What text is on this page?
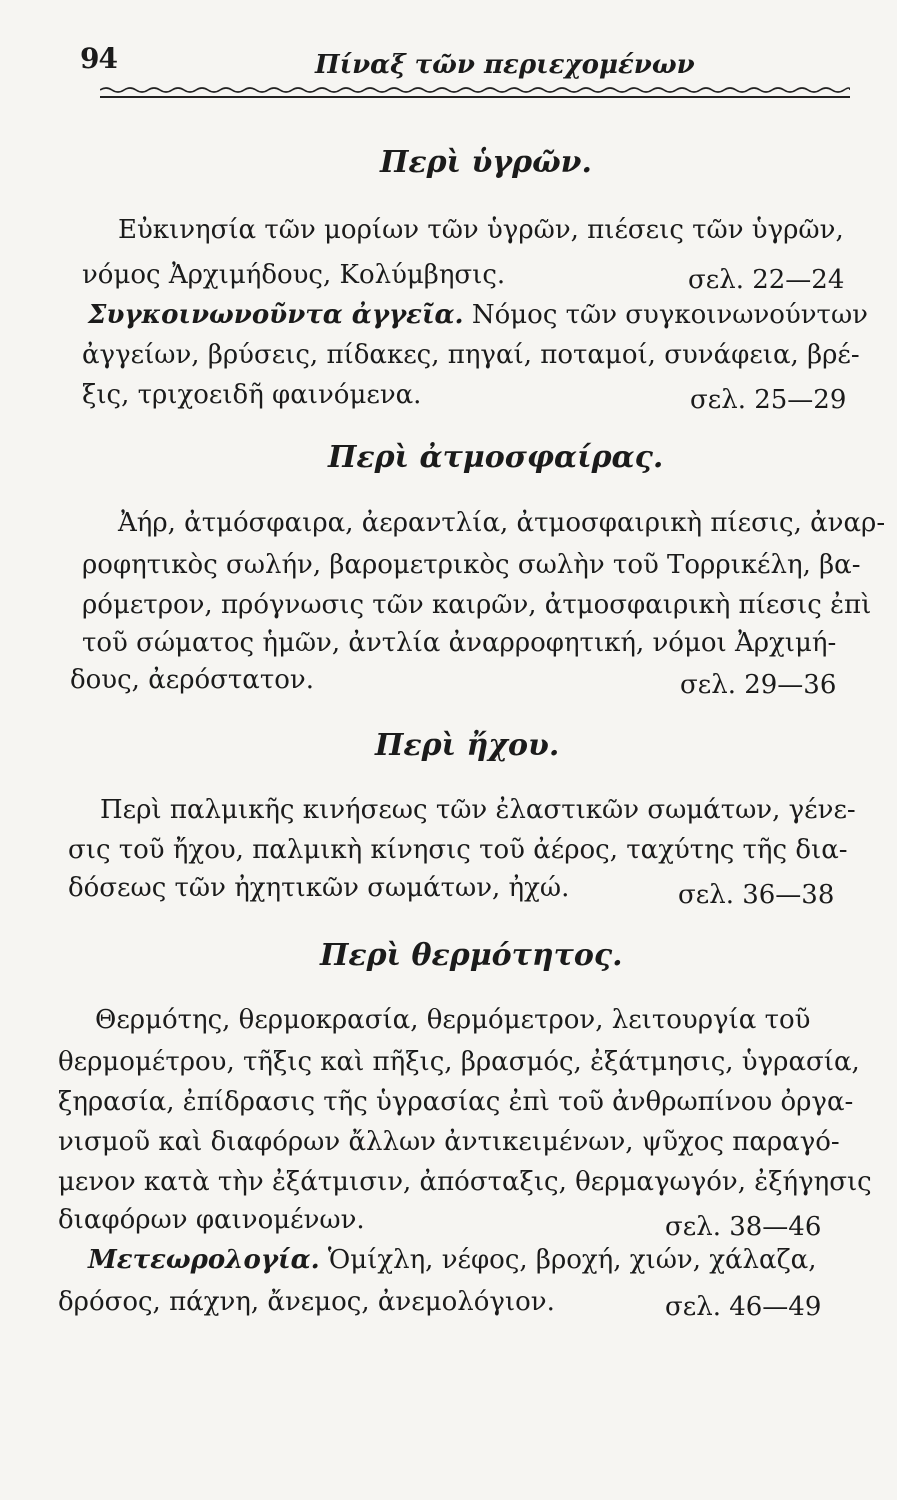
94	Πίναξ τῶν περιεχομένων
Περὶ ὑγρῶν.
Εὐκινησία τῶν μορίων τῶν ὑγρῶν, πιέσεις τῶν ὑγρῶν,
νόμος Ἀρχιμήδους, Κολύμβησις.	σελ. 22—24
Συγκοινωνοῦντα ἀγγεῖα. Νόμος τῶν συγκοινωνούντων
ἀγγείων, βρύσεις, πίδακες, πηγαί, ποταμοί, συνάφεια, βρέ-
ξις, τριχοειδῆ φαινόμενα.	σελ. 25—29
Περὶ ἀτμοσφαίρας.
Ἀήρ, ἀτμόσφαιρα, ἀεραντλία, ἀτμοσφαιρικὴ πίεσις, ἀναρ-
ροφητικὸς σωλήν, βαρομετρικὸς σωλὴν τοῦ Τορρικέλη, βα-
ρόμετρον, πρόγνωσις τῶν καιρῶν, ἀτμοσφαιρικὴ πίεσις ἐπὶ
τοῦ σώματος ἡμῶν, ἀντλία ἀναρροφητική, νόμοι Ἀρχιμή-
δους, ἀερόστατον.	σελ. 29—36
Περὶ ἤχου.
Περὶ παλμικῆς κινήσεως τῶν ἐλαστικῶν σωμάτων, γένε-
σις τοῦ ἤχου, παλμικὴ κίνησις τοῦ ἀέρος, ταχύτης τῆς δια-
δόσεως τῶν ἠχητικῶν σωμάτων, ἠχώ.	σελ. 36—38
Περὶ θερμότητος.
Θερμότης, θερμοκρασία, θερμόμετρον, λειτουργία τοῦ
θερμομέτρου, τῆξις καὶ πῆξις, βρασμός, ἐξάτμησις, ὑγρασία,
ξηρασία, ἐπίδρασις τῆς ὑγρασίας ἐπὶ τοῦ ἀνθρωπίνου ὀργα-
νισμοῦ καὶ διαφόρων ἄλλων ἀντικειμένων, ψῦχος παραγό-
μενον κατὰ τὴν ἐξάτμισιν, ἀπόσταξις, θερμαγωγόν, ἐξήγησις
διαφόρων φαινομένων.	σελ. 38—46
Μετεωρολογία. Ὁμίχλη, νέφος, βροχή, χιών, χάλαζα,
δρόσος, πάχνη, ἄνεμος, ἀνεμολόγιον.	σελ. 46—49
